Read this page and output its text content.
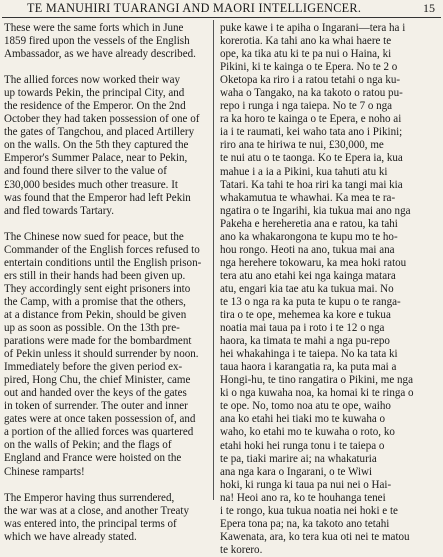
TE MANUHIRI TUARANGI AND MAORI INTELLIGENCER.	15
These were the same forts which in June
1859 fired upon the vessels of the English
Ambassador, as we have already described.
The allied forces now worked their way
up towards Pekin, the principal City, and
the residence of the Emperor. On the 2nd
October they had taken possession of one of
the gates of Tangchou, and placed Artillery
on the walls. On the 5th they captured the
Emperor's Summer Palace, near to Pekin,
and found there silver to the value of
£30,000 besides much other treasure. It
was found that the Emperor had left Pekin
and fled towards Tartary.
The Chinese now sued for peace, but the
Commander of the English forces refused to
entertain conditions until the English prison-
ers still in their hands had been given up.
They accordingly sent eight prisoners into
the Camp, with a promise that the others,
at a distance from Pekin, should be given
up as soon as possible. On the 13th pre-
parations were made for the bombardment
of Pekin unless it should surrender by noon.
Immediately before the given period ex-
pired, Hong Chu, the chief Minister, came
out and handed over the keys of the gates
in token of surrender. The outer and inner
gates were at once taken possession of, and
a portion of the allied forces was quartered
on the walls of Pekin; and the flags of
England and France were hoisted on the
Chinese ramparts!
The Emperor having thus surrendered,
the war was at a close, and another Treaty
was entered into, the principal terms of
which we have already stated.
puke kawe i te apiha o Ingarani—tera ha i
korerotia. Ka tahi ano ka whai haere te
ope, ka tika atu ki te pa nui o Haina, ki
Pikini, ki te kainga o te Epera. No te 2 o
Oketopa ka riro i a ratou tetahi o nga ku-
waha o Tangako, na ka takoto o ratou pu-
repo i runga i nga taiepa. No te 7 o nga
ra ka horo te kainga o te Epera, e noho ai
ia i te raumati, kei waho tata ano i Pikini;
riro ana te hiriwa te nui, £30,000, me
te nui atu o te taonga. Ko te Epera ia, kua
mahue i a ia a Pikini, kua tahuti atu ki
Tatari. Ka tahi te hoa riri ka tangi mai kia
whakamutua te whawhai. Ka mea te ra-
ngatira o te Ingarihi, kia tukua mai ano nga
Pakeha e hereheretia ana e ratou, ka tahi
ano ka whakarongona te kupu mo te ho-
hou rongo. Heoti na ano, tukua mai ana
nga herehere tokowaru, ka mea hoki ratou
tera atu ano etahi kei nga kainga matara
atu, engari kia tae atu ka tukua mai. No
te 13 o nga ra ka puta te kupu o te ranga-
tira o te ope, mehemea ka kore e tukua
noatia mai taua pa i roto i te 12 o nga
haora, ka timata te mahi a nga pu-repo
hei whakahinga i te taiepa. No ka tata ki
taua haora i karangatia ra, ka puta mai a
Hongi-hu, te tino rangatira o Pikini, me nga
ki o nga kuwaha noa, ka homai ki te ringa o
te ope. No, tomo noa atu te ope, waiho
ana ko etahi hei tiaki mo te kuwaha o
waho, ko etahi mo te kuwaha o roto, ko
etahi hoki hei runga tonu i te taiepa o
te pa, tiaki marire ai; na whakaturia
ana nga kara o Ingarani, o te Wiwi
hoki, ki runga ki taua pa nui nei o Hai-
na! Heoi ano ra, ko te houhanga tenei
i te rongo, kua tukua noatia nei hoki e te
Epera tona pa; na, ka takoto ano tetahi
Kawenata, ara, ko tera kua oti nei te matou
te korero.
